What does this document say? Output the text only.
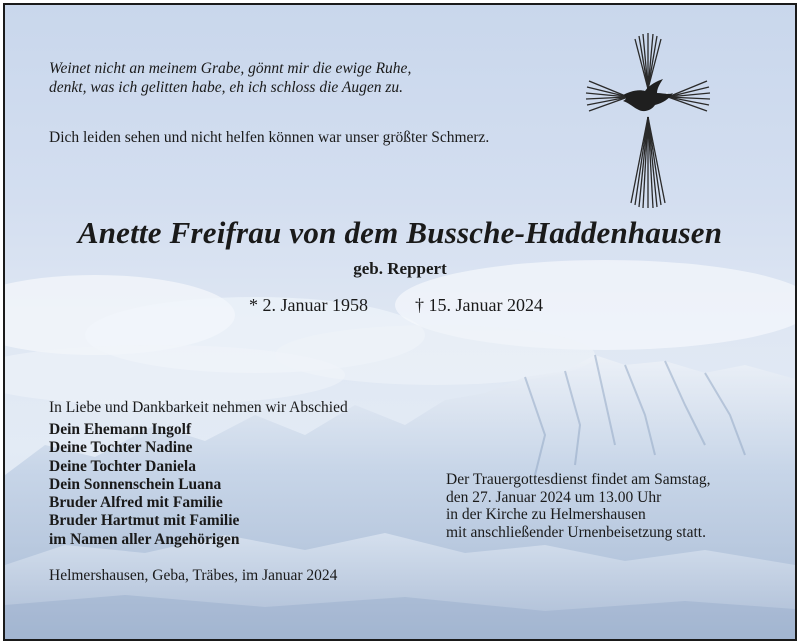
Weinet nicht an meinem Grabe, gönnt mir die ewige Ruhe,
denkt, was ich gelitten habe, eh ich schloss die Augen zu.

Dich leiden sehen und nicht helfen können war unser größter Schmerz.

Anette Freifrau von dem Bussche-Haddenhausen

geb. Reppert

* 2. Januar 1958	† 15. Januar 2024

In Liebe und Dankbarkeit nehmen wir Abschied

Dein Ehemann Ingolf
Deine Tochter Nadine
Deine Tochter Daniela
Dein Sonnenschein Luana
Bruder Alfred mit Familie
Bruder Hartmut mit Familie
im Namen aller Angehörigen

Der Trauergottesdienst findet am Samstag,
den 27. Januar 2024 um 13.00 Uhr
in der Kirche zu Helmershausen
mit anschließender Urnenbeisetzung statt.

Helmershausen, Geba, Träbes, im Januar 2024
